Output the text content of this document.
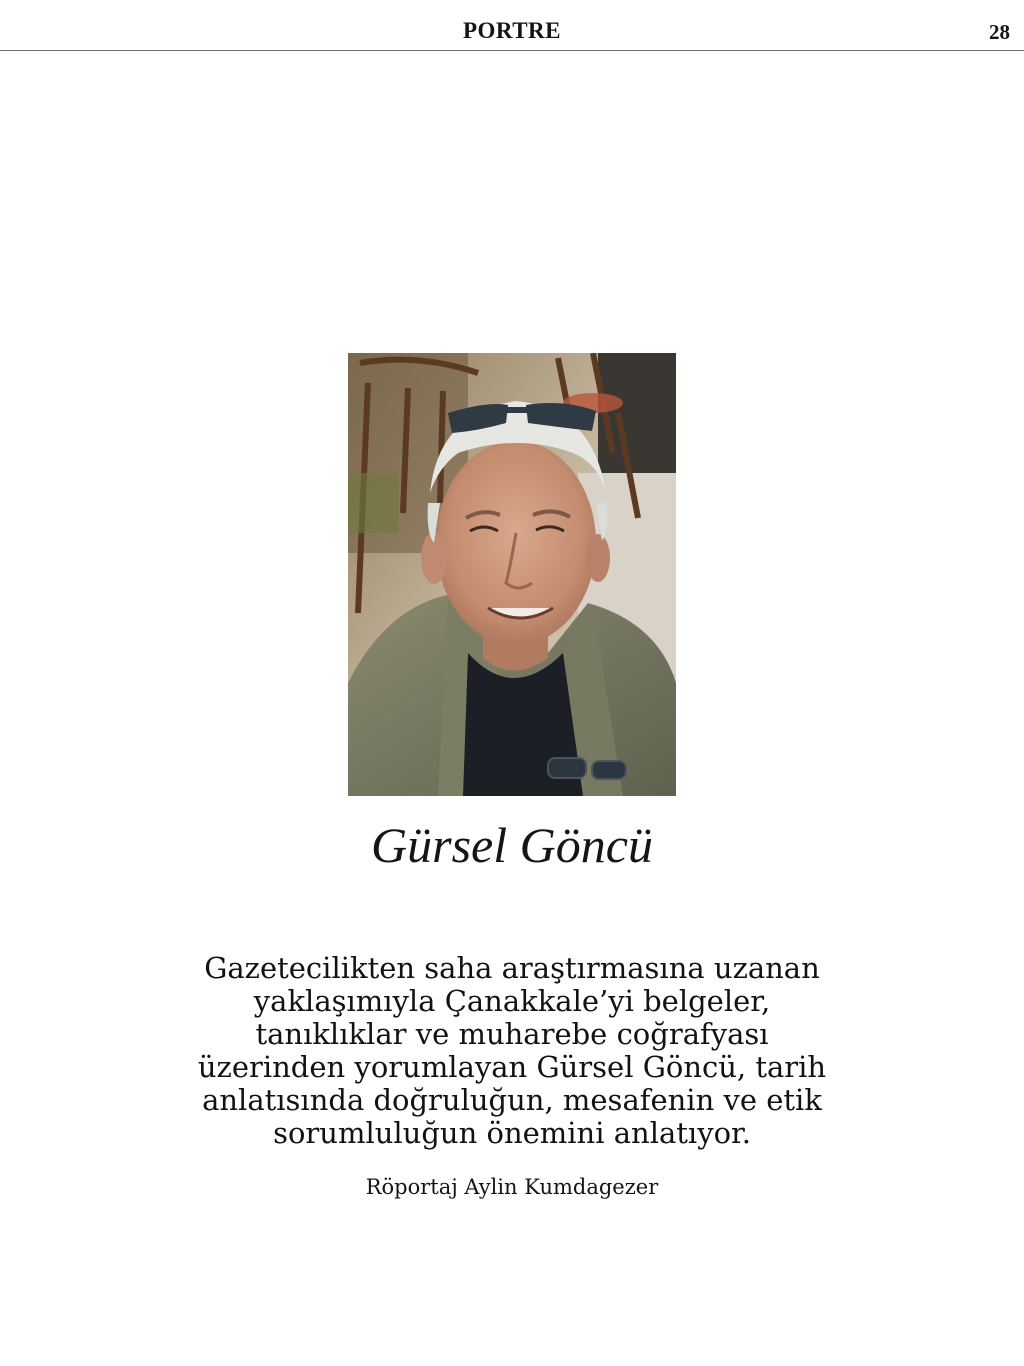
PORTRE	28
Gürsel Göncü
Gazetecilikten saha araştırmasına uzanan
yaklaşımıyla Çanakkale’yi belgeler,
tanıklıklar ve muharebe coğrafyası
üzerinden yorumlayan Gürsel Göncü, tarih
anlatısında doğruluğun, mesafenin ve etik
sorumluluğun önemini anlatıyor.
Röportaj Aylin Kumdagezer
